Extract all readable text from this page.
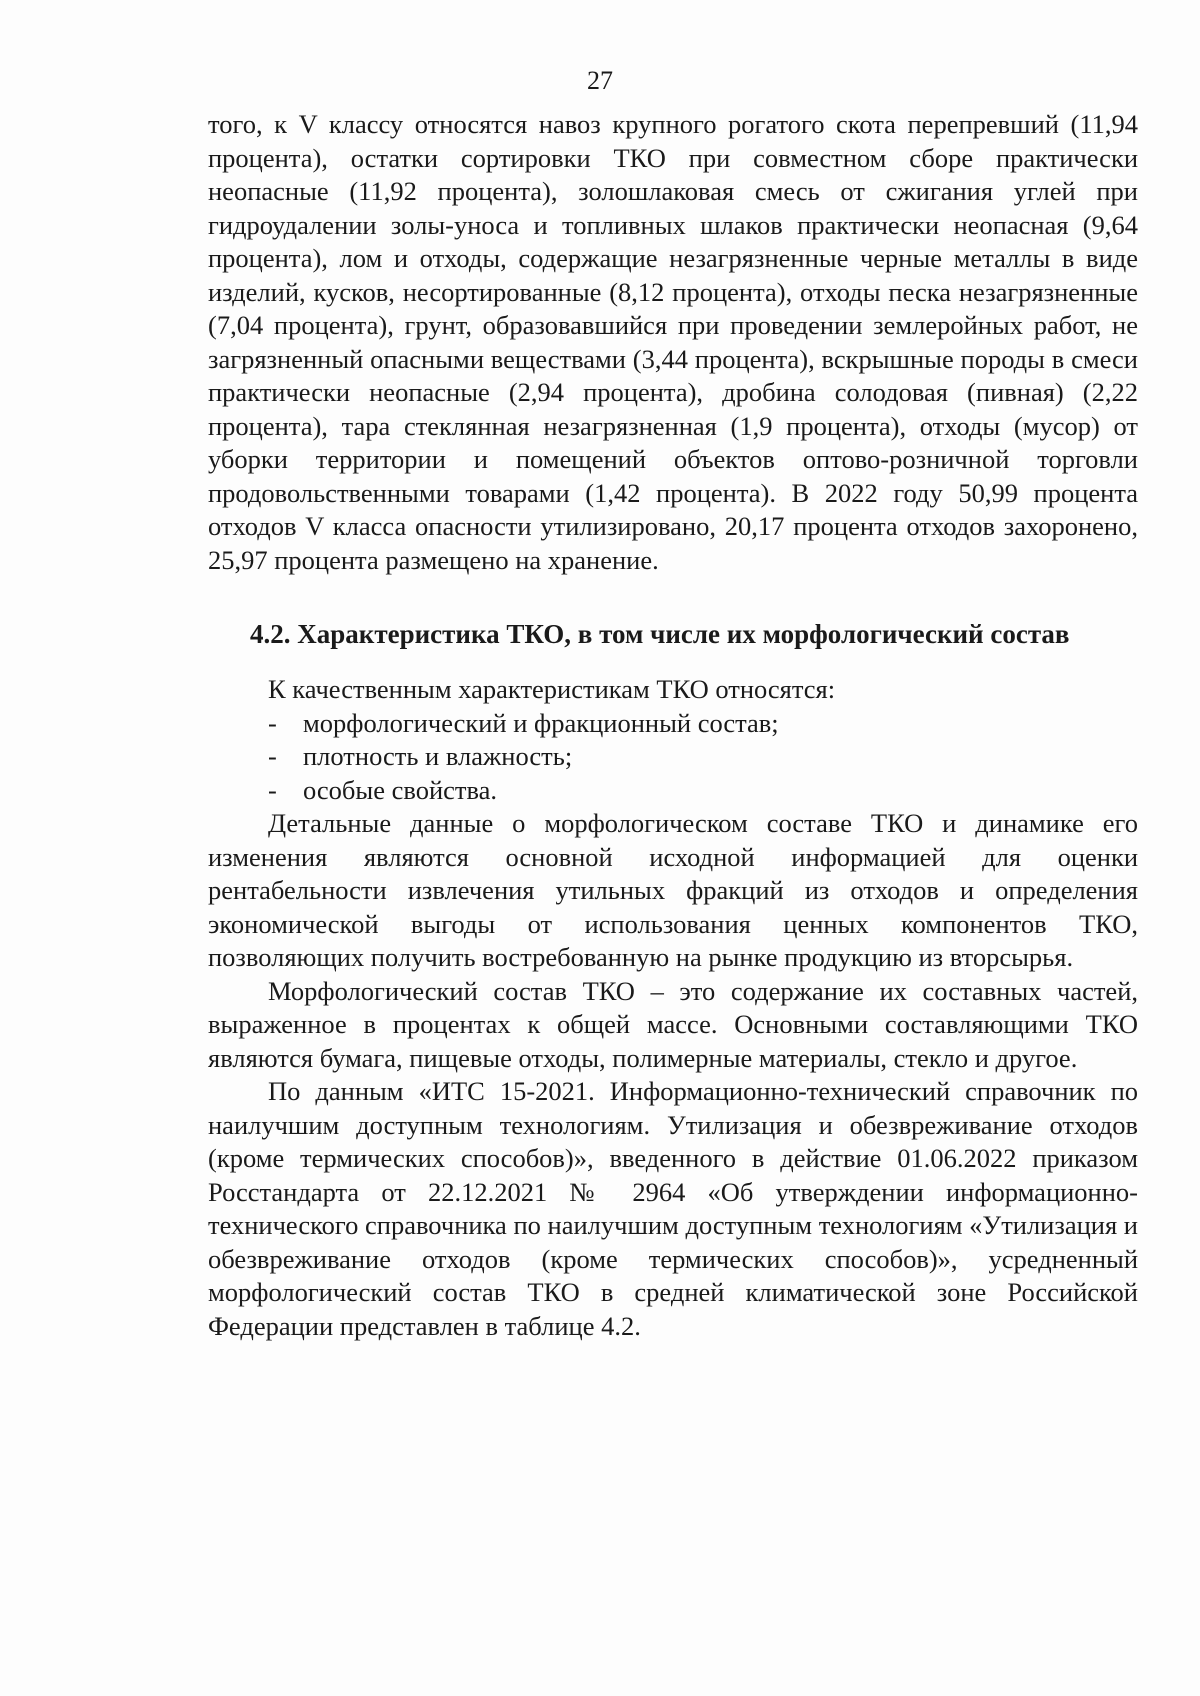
27

того, к V классу относятся навоз крупного рогатого скота перепревший (11,94 процента), остатки сортировки ТКО при совместном сборе практически неопасные (11,92 процента), золошлаковая смесь от сжигания углей при гидроудалении золы-уноса и топливных шлаков практически неопасная (9,64 процента), лом и отходы, содержащие незагрязненные черные металлы в виде изделий, кусков, несортированные (8,12 процента), отходы песка незагрязненные (7,04 процента), грунт, образовавшийся при проведении землеройных работ, не загрязненный опасными веществами (3,44 процента), вскрышные породы в смеси практически неопасные (2,94 процента), дробина солодовая (пивная) (2,22 процента), тара стеклянная незагрязненная (1,9 процента), отходы (мусор) от уборки территории и помещений объектов оптово-розничной торговли продовольственными товарами (1,42 процента). В 2022 году 50,99 процента отходов V класса опасности утилизировано, 20,17 процента отходов захоронено, 25,97 процента размещено на хранение.

4.2. Характеристика ТКО, в том числе их морфологический состав

К качественным характеристикам ТКО относятся:

- морфологический и фракционный состав;
- плотность и влажность;
- особые свойства.

Детальные данные о морфологическом составе ТКО и динамике его изменения являются основной исходной информацией для оценки рентабельности извлечения утильных фракций из отходов и определения экономической выгоды от использования ценных компонентов ТКО, позволяющих получить востребованную на рынке продукцию из вторсырья.

Морфологический состав ТКО – это содержание их составных частей, выраженное в процентах к общей массе. Основными составляющими ТКО являются бумага, пищевые отходы, полимерные материалы, стекло и другое.

По данным «ИТС 15-2021. Информационно-технический справочник по наилучшим доступным технологиям. Утилизация и обезвреживание отходов (кроме термических способов)», введенного в действие 01.06.2022 приказом Росстандарта от 22.12.2021 № 2964 «Об утверждении информационно-технического справочника по наилучшим доступным технологиям «Утилизация и обезвреживание отходов (кроме термических способов)», усредненный морфологический состав ТКО в средней климатической зоне Российской Федерации представлен в таблице 4.2.
